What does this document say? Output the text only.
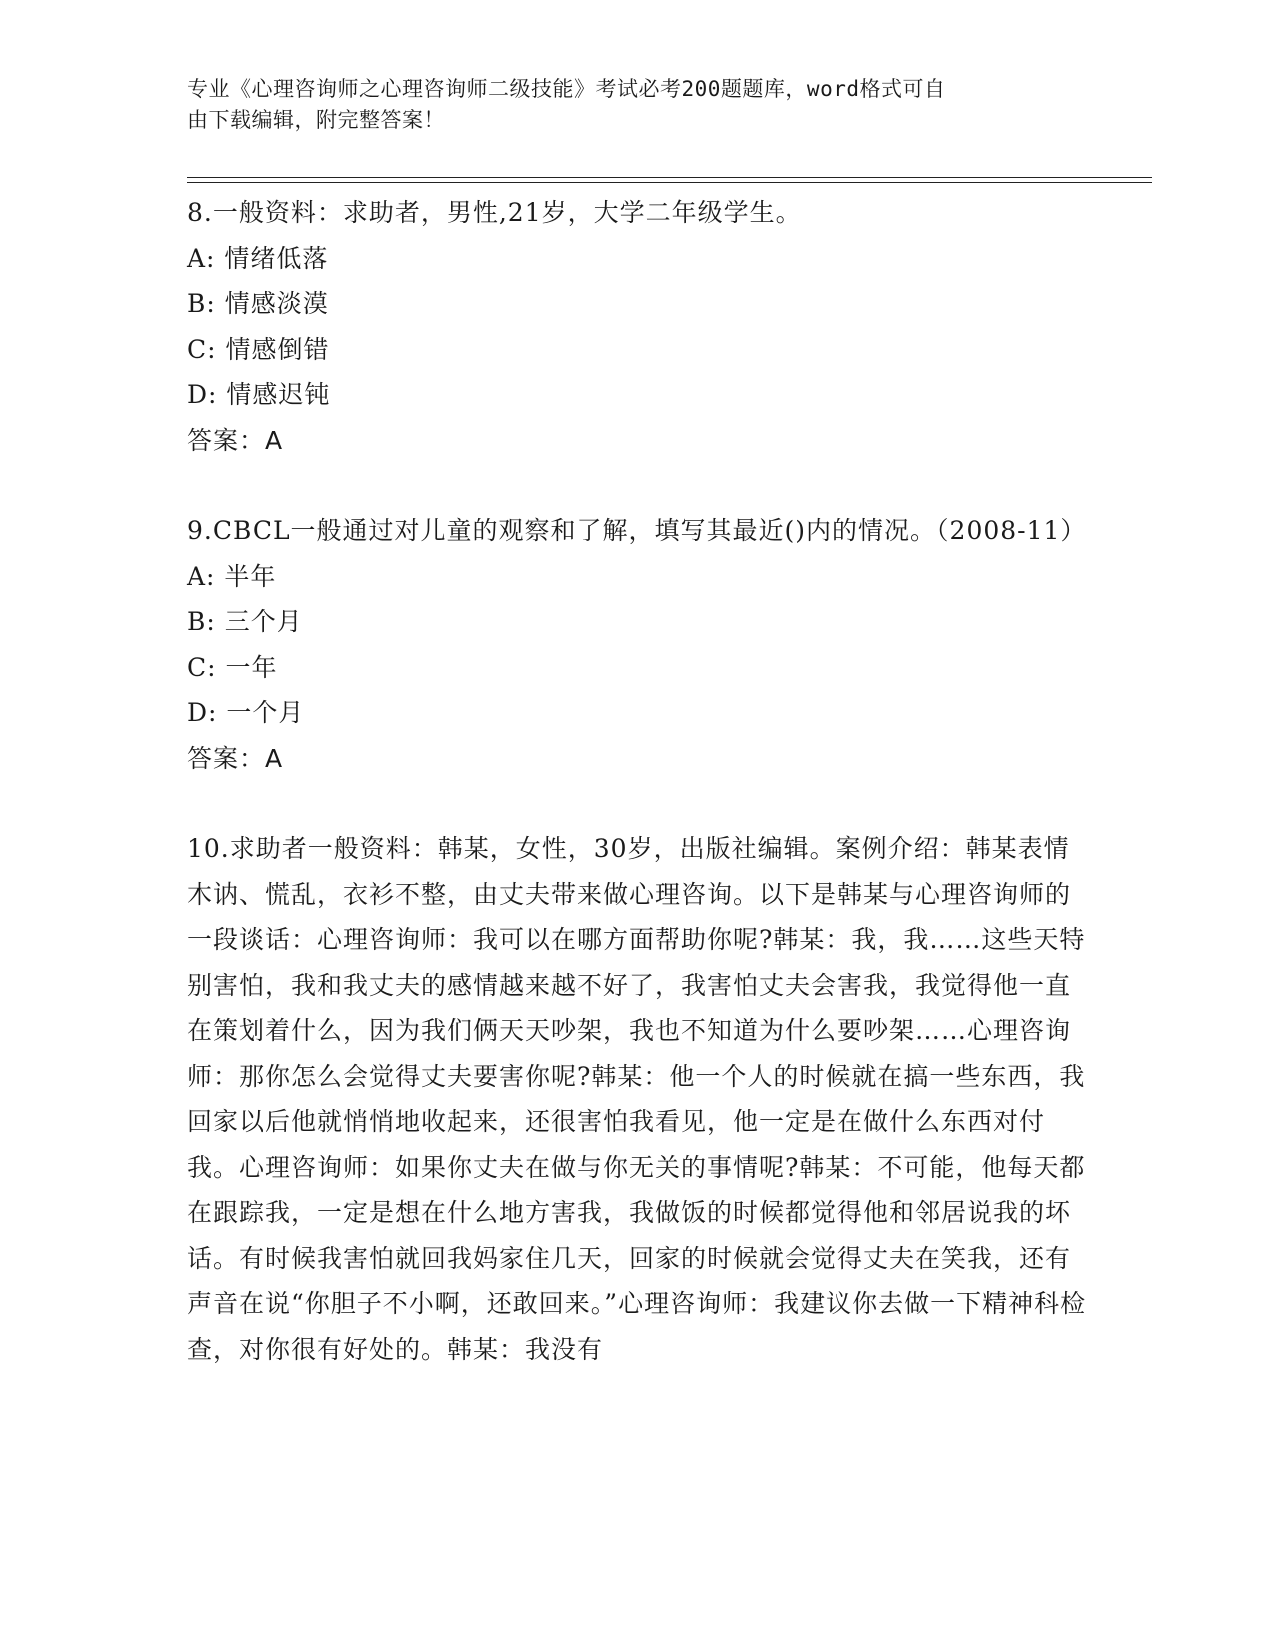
专业《心理咨询师之心理咨询师二级技能》考试必考200题题库，word格式可自
由下载编辑，附完整答案！

8.一般资料：求助者，男性,21岁，大学二年级学生。

A: 情绪低落

B: 情感淡漠

C: 情感倒错

D: 情感迟钝

答案：A

9.CBCL一般通过对儿童的观察和了解，填写其最近()内的情况。（2008-11）

A: 半年

B: 三个月

C: 一年

D: 一个月

答案：A

10.求助者一般资料：韩某，女性，30岁，出版社编辑。案例介绍：韩某表情木讷、慌乱，衣衫不整，由丈夫带来做心理咨询。以下是韩某与心理咨询师的一段谈话：心理咨询师：我可以在哪方面帮助你呢?韩某：我，我……这些天特别害怕，我和我丈夫的感情越来越不好了，我害怕丈夫会害我，我觉得他一直在策划着什么，因为我们俩天天吵架，我也不知道为什么要吵架……心理咨询师：那你怎么会觉得丈夫要害你呢?韩某：他一个人的时候就在搞一些东西，我回家以后他就悄悄地收起来，还很害怕我看见，他一定是在做什么东西对付我。心理咨询师：如果你丈夫在做与你无关的事情呢?韩某：不可能，他每天都在跟踪我，一定是想在什么地方害我，我做饭的时候都觉得他和邻居说我的坏话。有时候我害怕就回我妈家住几天，回家的时候就会觉得丈夫在笑我，还有声音在说“你胆子不小啊，还敢回来。”心理咨询师：我建议你去做一下精神科检查，对你很有好处的。韩某：我没有
